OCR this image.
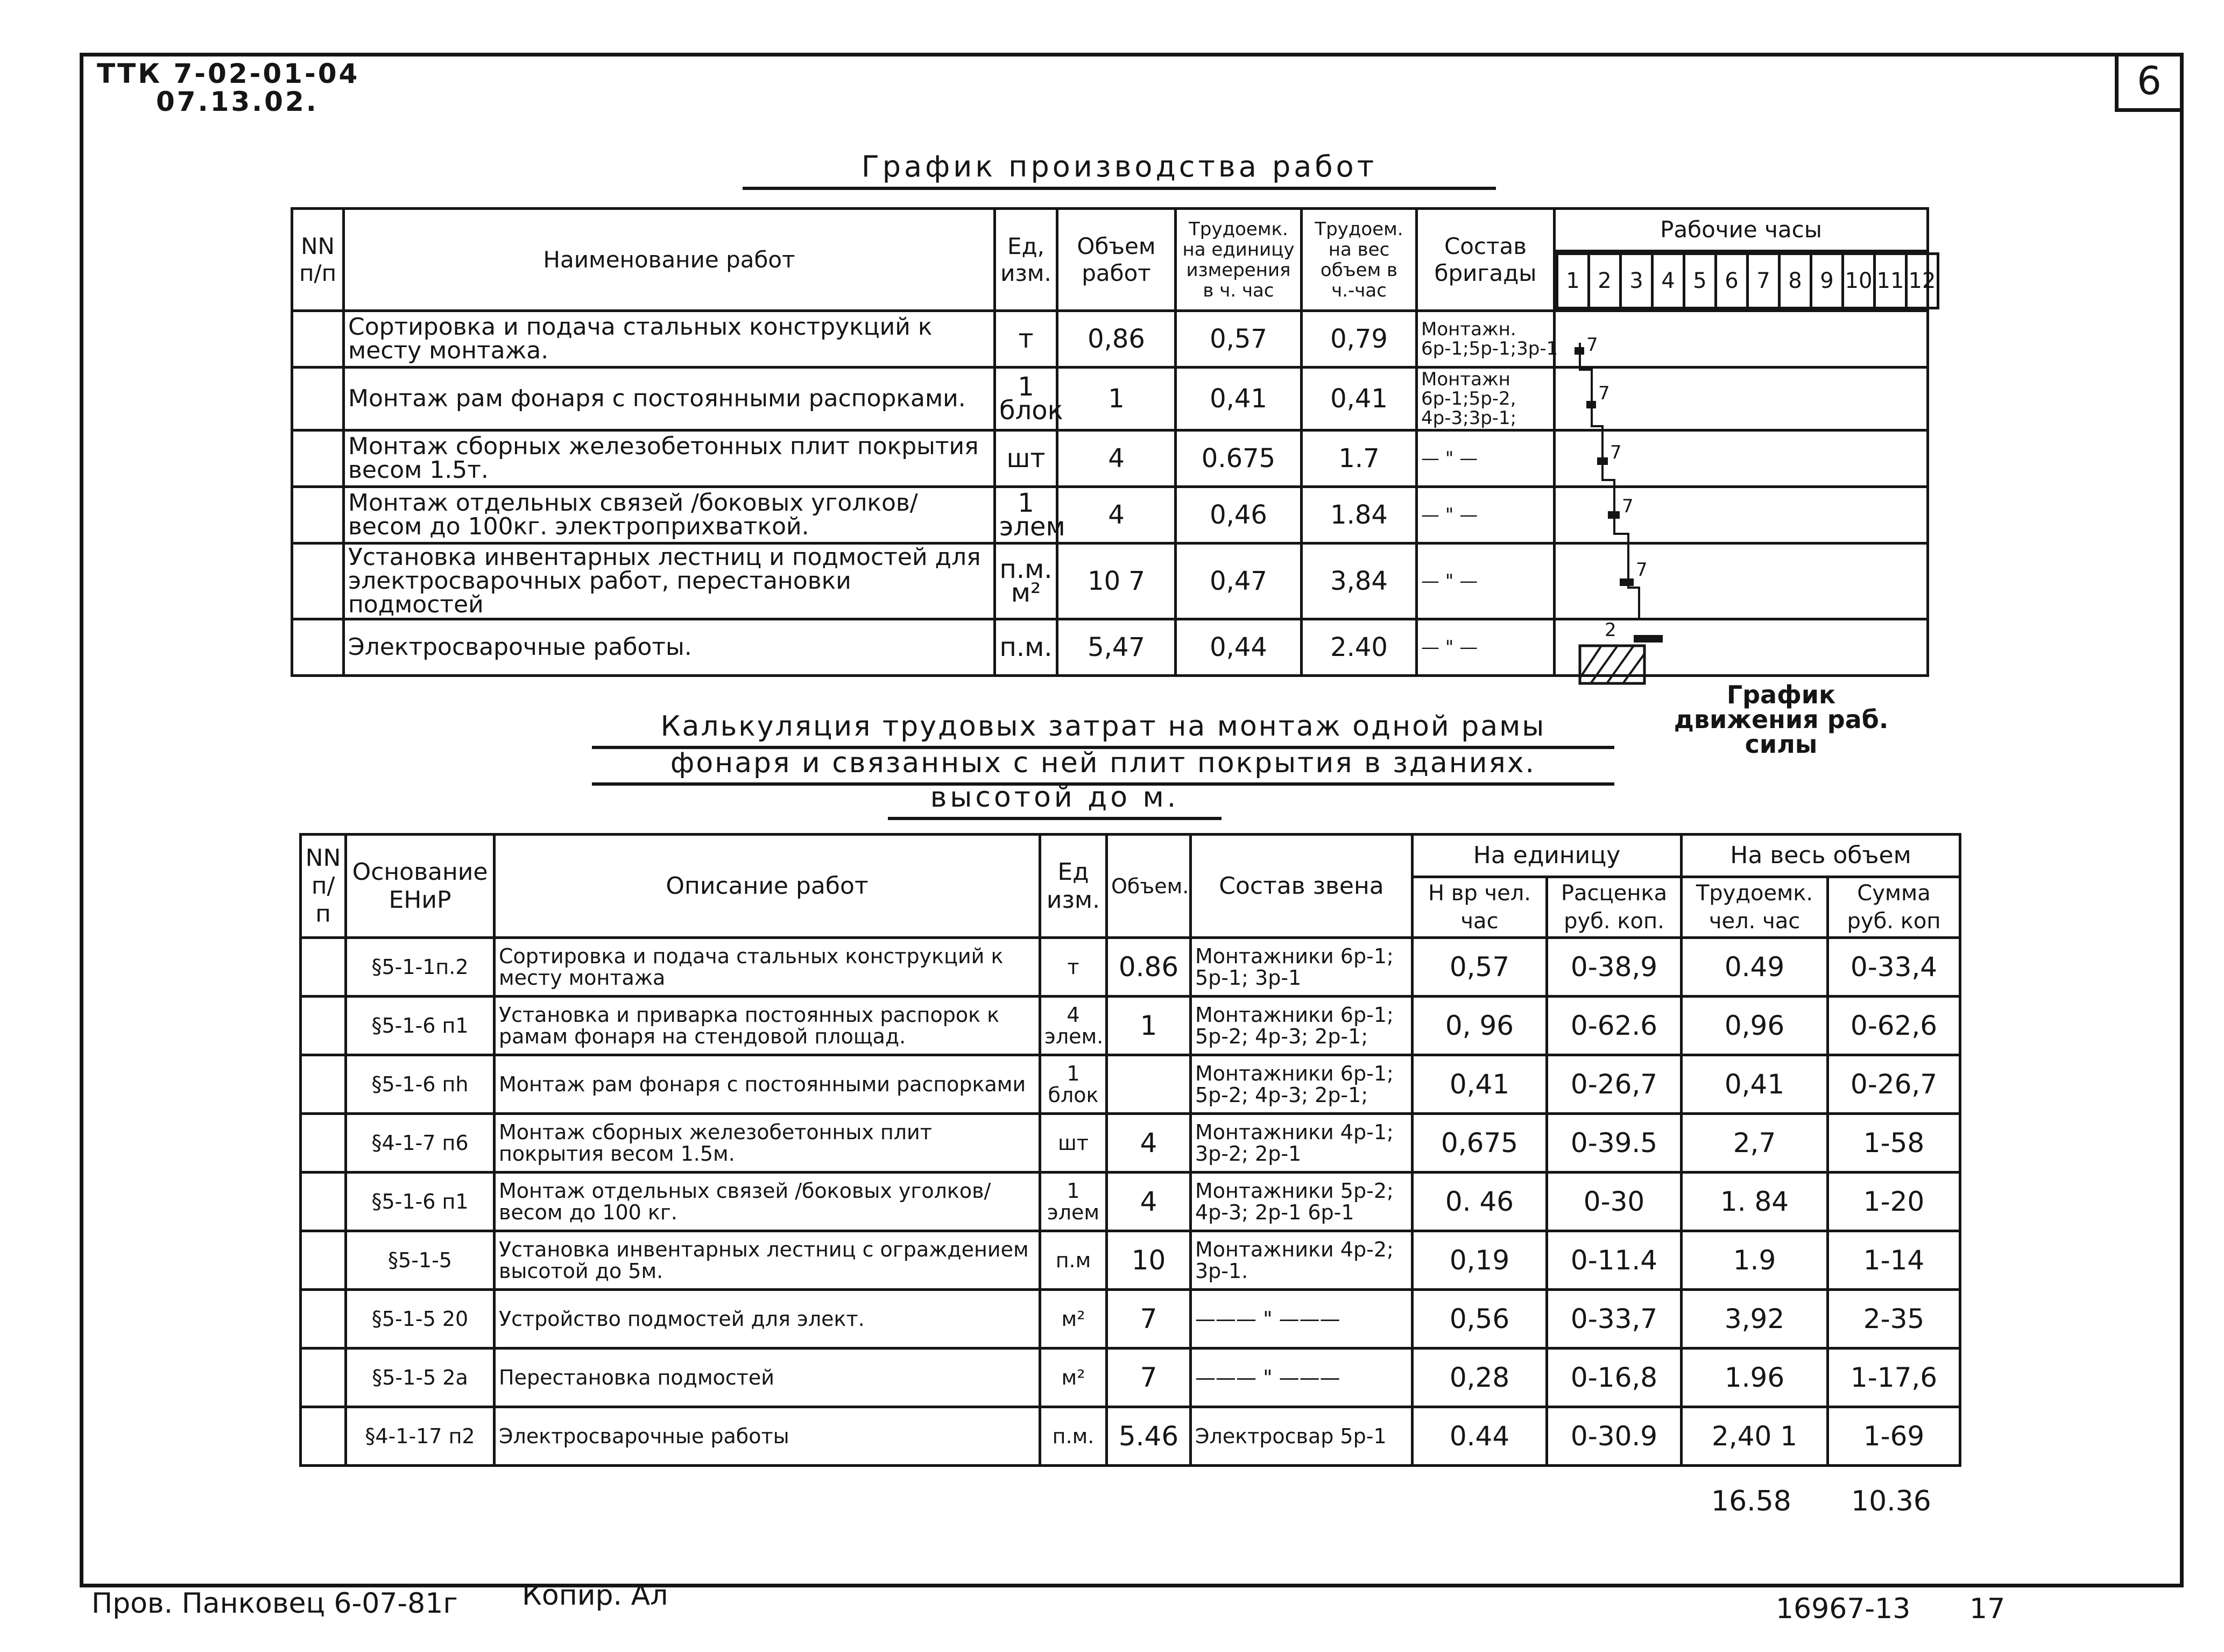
6
ТТК 7-02-01-04
07.13.02.
График производства работ
NN п/п	Наименование работ	Ед, изм.	Объем работ	Трудоемк. на единицу измерения в ч. час	Трудоем. на вес объем в ч.-час	Состав бригады	Рабочие часы

1	2	3	4	5	6	7	8	9	10	11	12

	Сортировка и подача стальных конструкций к месту монтажа.	т	0,86	0,57	0,79	Монтажн. 6р-1;5р-1;3р-1	
	Монтаж рам фонаря с постоянными распорками.	1 блок	1	0,41	0,41	Монтажн 6р-1;5р-2, 4р-3;3р-1;	
	Монтаж сборных железобетонных плит покрытия весом 1.5т.	шт	4	0.675	1.7	— " —	
	Монтаж отдельных связей /боковых уголков/весом до 100кг. электроприхваткой.	1 элем	4	0,46	1.84	— " —	
	Установка инвентарных лестниц и подмостей для электросварочных работ, перестановки подмостей	п.м. м²	10 7	0,47	3,84	— " —	
	Электросварочные работы.	п.м.	5,47	0,44	2.40	— " —	
7
7
7
7
7
2
График движения раб. силы
Калькуляция трудовых затрат на монтаж одной рамы
фонаря и связанных с ней плит покрытия в зданиях.
высотой до м.
NN п/п	Основание ЕНиР	Описание работ	Ед изм.	Объем.	Состав звена	На единицу		На весь объем	
						Н вр чел. час	Расценка руб. коп.	Трудоемк. чел. час	Сумма руб. коп
	§5-1-1п.2	Сортировка и подача стальных конструкций к месту монтажа	т	0.86	Монтажники 6р-1; 5р-1; 3р-1	0,57	0-38,9	0.49	0-33,4
	§5-1-6 п1	Установка и приварка постоянных распорок к рамам фонаря на стендовой площад.	4 элем.	1	Монтажники 6р-1; 5р-2; 4р-3; 2р-1;	0, 96	0-62.6	0,96	0-62,6
	§5-1-6 пh	Монтаж рам фонаря с постоянными распорками	1 блок		Монтажники 6р-1; 5р-2; 4р-3; 2р-1;	0,41	0-26,7	0,41	0-26,7
	§4-1-7 п6	Монтаж сборных железобетонных плит покрытия весом 1.5м.	шт	4	Монтажники 4р-1; 3р-2; 2р-1	0,675	0-39.5	2,7	1-58
	§5-1-6 п1	Монтаж отдельных связей /боковых уголков/ весом до 100 кг.	1 элем	4	Монтажники 5р-2; 4р-3; 2р-1 6р-1	0. 46	0-30	1. 84	1-20
	§5-1-5	Установка инвентарных лестниц с ограждением высотой до 5м.	п.м	10	Монтажники 4р-2; 3р-1.	0,19	0-11.4	1.9	1-14
	§5-1-5 20	Устройство подмостей для элект.	м²	7	——— " ———	0,56	0-33,7	3,92	2-35
	§5-1-5 2а	Перестановка подмостей	м²	7	——— " ———	0,28	0-16,8	1.96	1-17,6
	§4-1-17 п2	Электросварочные работы	п.м.	5.46	Электросвар 5р-1	0.44	0-30.9	2,40 1	1-69
16.58 10.36
Пров. Панковец 6-07-81г Копир. Ал	16967-13 17
